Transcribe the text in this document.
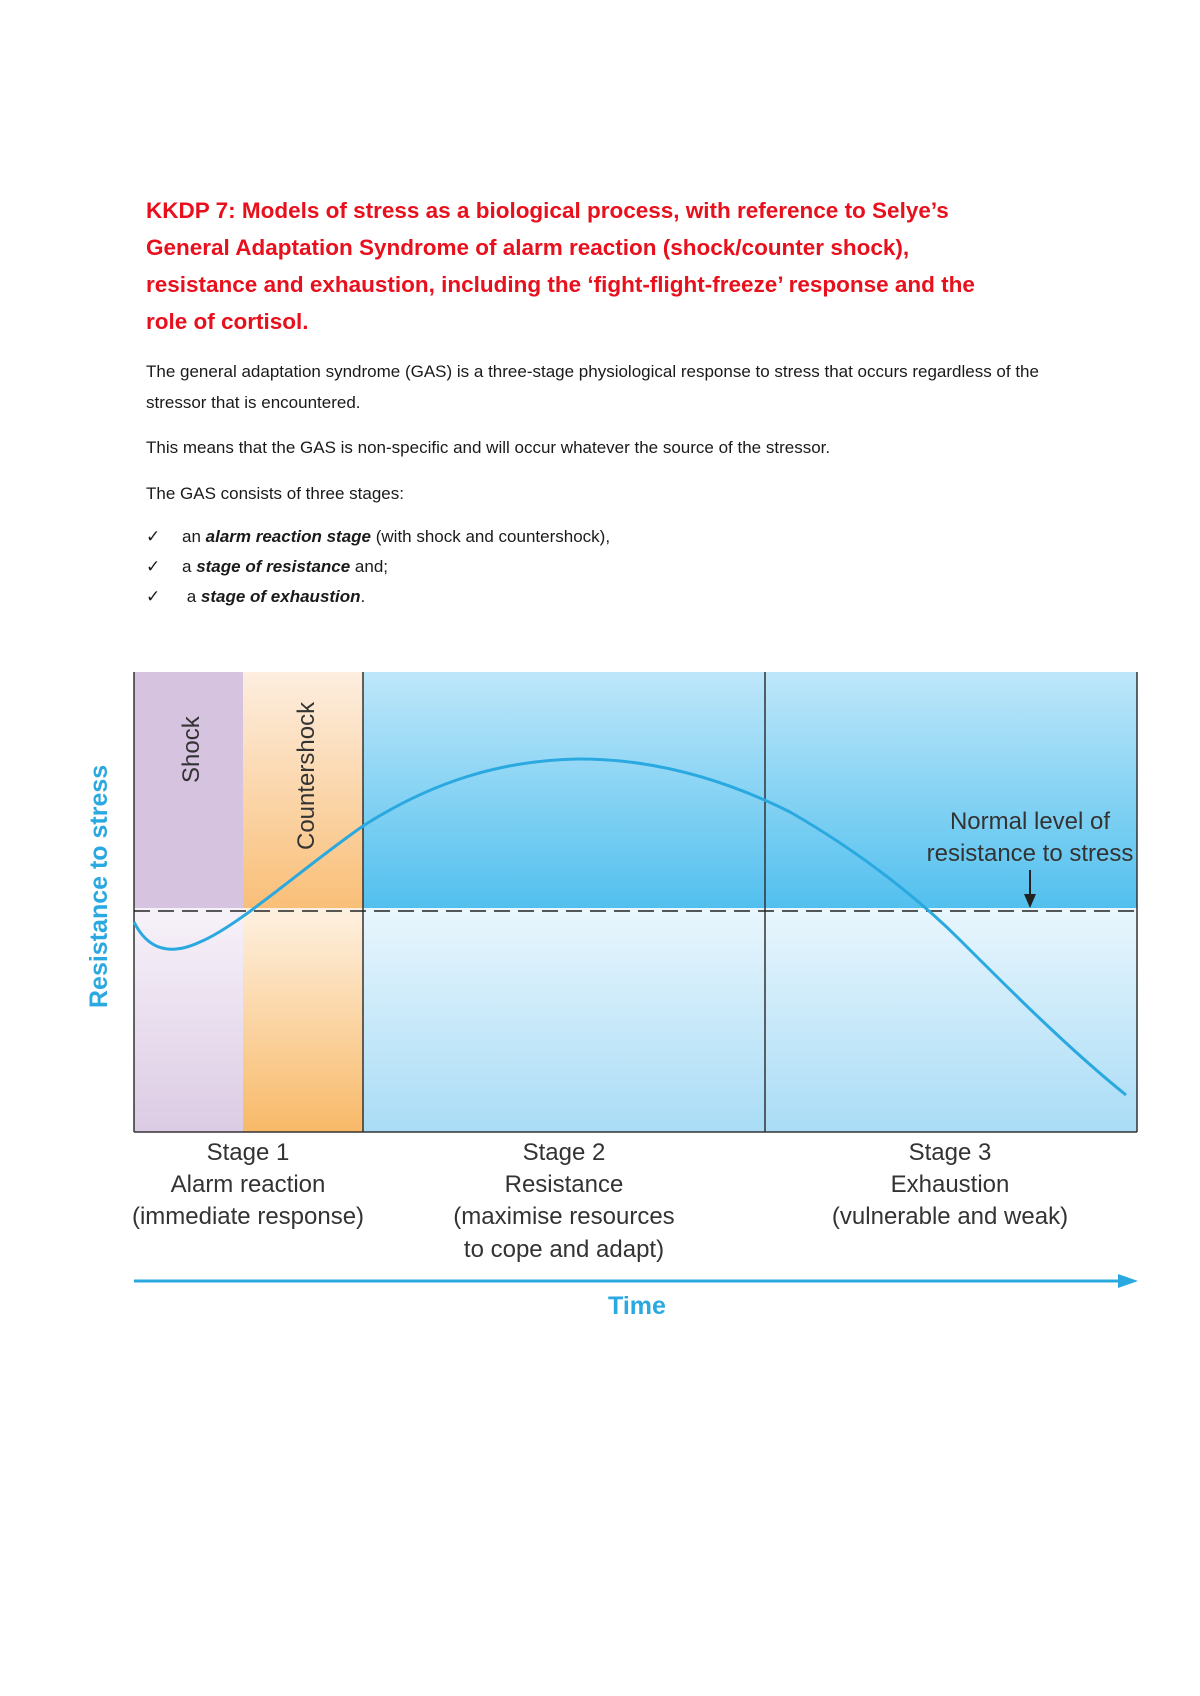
KKDP 7: Models of stress as a biological process, with reference to Selye’s
General Adaptation Syndrome of alarm reaction (shock/counter shock),
resistance and exhaustion, including the ‘fight-flight-freeze’ response and the
role of cortisol.

The general adaptation syndrome (GAS) is a three-stage physiological response to stress that occurs regardless of the stressor that is encountered.

This means that the GAS is non-specific and will occur whatever the source of the stressor.

The GAS consists of three stages:

✓ an alarm reaction stage (with shock and countershock),
✓ a stage of resistance and;
✓ a stage of exhaustion.
Shock	Countershock	Normal level of
resistance to stress
Resistance to stress
Stage 1
Alarm reaction
(immediate response)
Stage 2
Resistance
(maximise resources
to cope and adapt)
Stage 3
Exhaustion
(vulnerable and weak)
Time
